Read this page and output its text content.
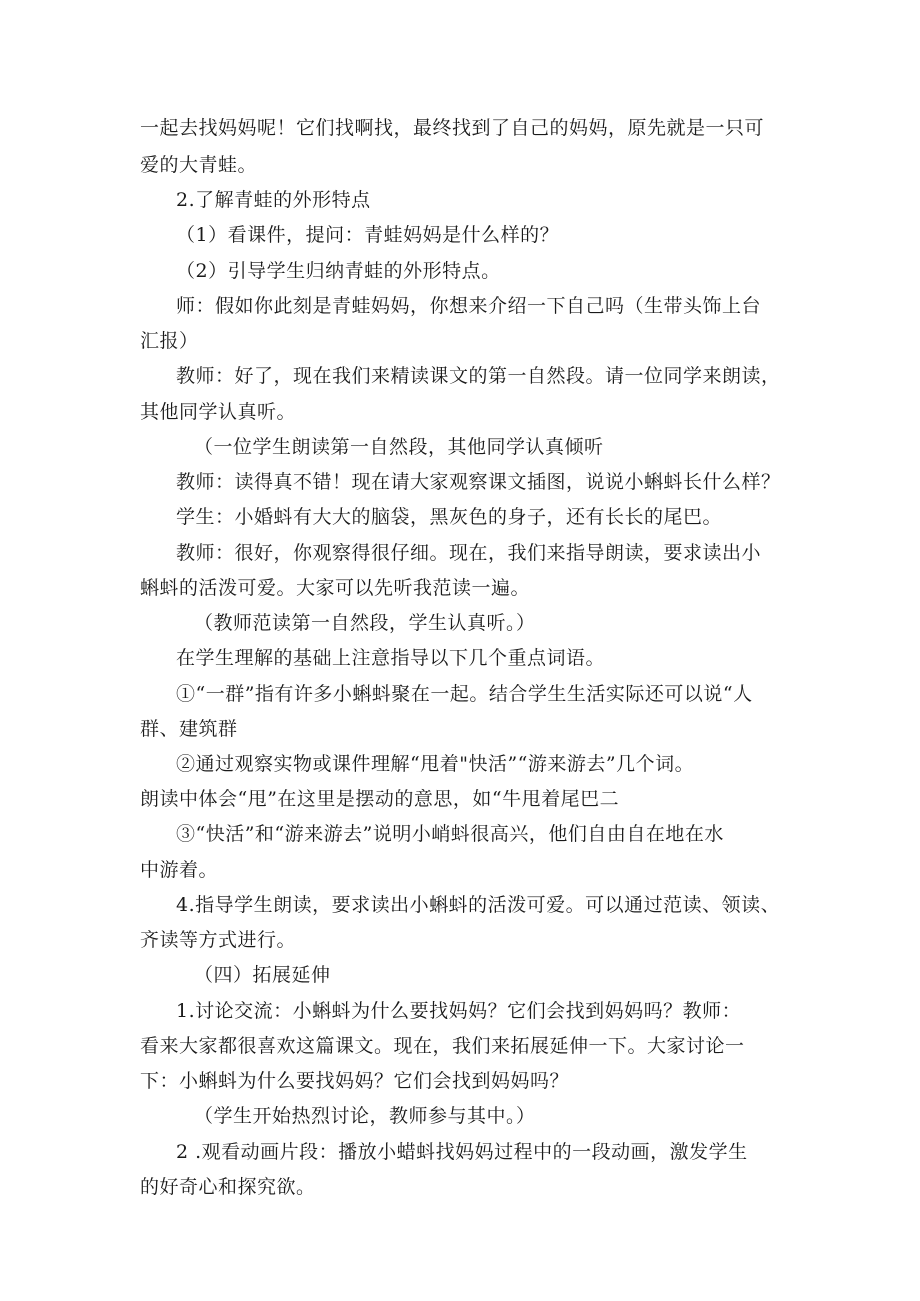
一起去找妈妈呢！它们找啊找，最终找到了自己的妈妈，原先就是一只可
爱的大青蛙。
2.了解青蛙的外形特点
（1）看课件，提问：青蛙妈妈是什么样的？
（2）引导学生归纳青蛙的外形特点。
师：假如你此刻是青蛙妈妈，你想来介绍一下自己吗（生带头饰上台
汇报）
教师：好了，现在我们来精读课文的第一自然段。请一位同学来朗读，
其他同学认真听。
（一位学生朗读第一自然段，其他同学认真倾听
教师：读得真不错！现在请大家观察课文插图，说说小蝌蚪长什么样？
学生：小婚蚪有大大的脑袋，黑灰色的身子，还有长长的尾巴。
教师：很好，你观察得很仔细。现在，我们来指导朗读，要求读出小
蝌蚪的活泼可爱。大家可以先听我范读一遍。
（教师范读第一自然段，学生认真听。）
在学生理解的基础上注意指导以下几个重点词语。
①“一群”指有许多小蝌蚪聚在一起。结合学生生活实际还可以说“人
群、建筑群
②通过观察实物或课件理解“甩着"快活”“游来游去”几个词。
朗读中体会“甩”在这里是摆动的意思，如“牛甩着尾巴二
③“快活”和“游来游去”说明小峭蚪很高兴，他们自由自在地在水
中游着。
4.指导学生朗读，要求读出小蝌蚪的活泼可爱。可以通过范读、领读、
齐读等方式进行。
（四）拓展延伸
1.讨论交流：小蝌蚪为什么要找妈妈？它们会找到妈妈吗？教师：
看来大家都很喜欢这篇课文。现在，我们来拓展延伸一下。大家讨论一
下：小蝌蚪为什么要找妈妈？它们会找到妈妈吗？
（学生开始热烈讨论，教师参与其中。）
2 .观看动画片段：播放小蜡蚪找妈妈过程中的一段动画，激发学生
的好奇心和探究欲。
